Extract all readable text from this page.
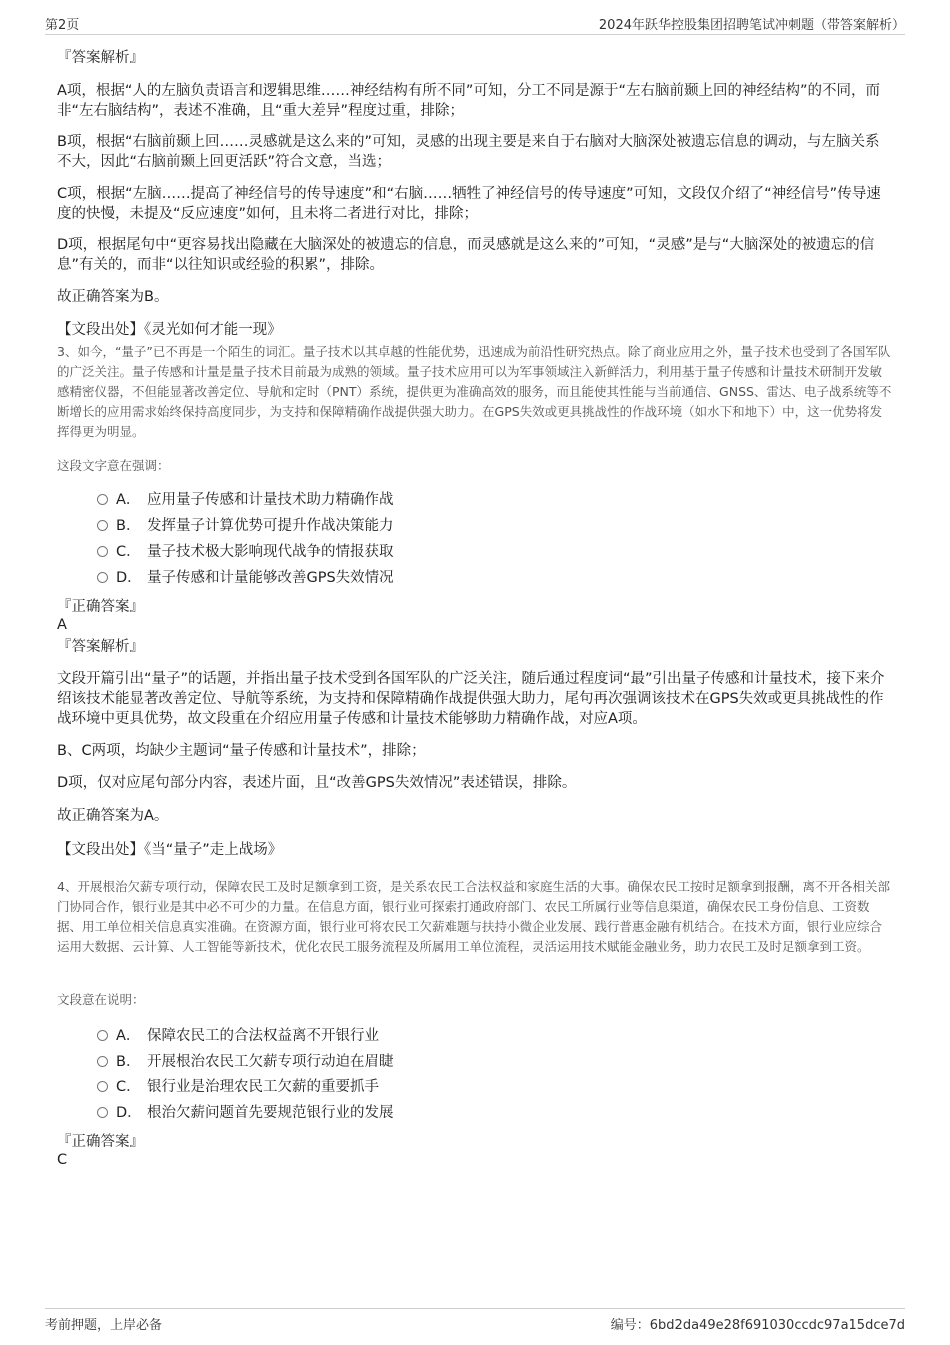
第2页	2024年跃华控股集团招聘笔试冲刺题（带答案解析）
『答案解析』
A项，根据“人的左脑负责语言和逻辑思维……神经结构有所不同”可知，分工不同是源于“左右脑前颞上回的神经结构”的不同，而非“左右脑结构”，表述不准确，且“重大差异”程度过重，排除；
B项，根据“右脑前颞上回……灵感就是这么来的”可知，灵感的出现主要是来自于右脑对大脑深处被遗忘信息的调动，与左脑关系不大，因此“右脑前颞上回更活跃”符合文意，当选；
C项，根据“左脑……提高了神经信号的传导速度”和“右脑……牺牲了神经信号的传导速度”可知，文段仅介绍了“神经信号”传导速度的快慢，未提及“反应速度”如何，且未将二者进行对比，排除；
D项，根据尾句中“更容易找出隐藏在大脑深处的被遗忘的信息，而灵感就是这么来的”可知，“灵感”是与“大脑深处的被遗忘的信息”有关的，而非“以往知识或经验的积累”，排除。
故正确答案为B。
【文段出处】《灵光如何才能一现》
3、如今，“量子”已不再是一个陌生的词汇。量子技术以其卓越的性能优势，迅速成为前沿性研究热点。除了商业应用之外，量子技术也受到了各国军队的广泛关注。量子传感和计量是量子技术目前最为成熟的领域。量子技术应用可以为军事领域注入新鲜活力，利用基于量子传感和计量技术研制开发敏感精密仪器，不但能显著改善定位、导航和定时（PNT）系统，提供更为准确高效的服务，而且能使其性能与当前通信、GNSS、雷达、电子战系统等不断增长的应用需求始终保持高度同步，为支持和保障精确作战提供强大助力。在GPS失效或更具挑战性的作战环境（如水下和地下）中，这一优势将发挥得更为明显。
这段文字意在强调：
A． 应用量子传感和计量技术助力精确作战
B． 发挥量子计算优势可提升作战决策能力
C． 量子技术极大影响现代战争的情报获取
D． 量子传感和计量能够改善GPS失效情况
『正确答案』
A
『答案解析』
文段开篇引出“量子”的话题，并指出量子技术受到各国军队的广泛关注，随后通过程度词“最”引出量子传感和计量技术，接下来介绍该技术能显著改善定位、导航等系统，为支持和保障精确作战提供强大助力，尾句再次强调该技术在GPS失效或更具挑战性的作战环境中更具优势，故文段重在介绍应用量子传感和计量技术能够助力精确作战，对应A项。
B、C两项，均缺少主题词“量子传感和计量技术”，排除；
D项，仅对应尾句部分内容，表述片面，且“改善GPS失效情况”表述错误，排除。
故正确答案为A。
【文段出处】《当“量子”走上战场》
4、开展根治欠薪专项行动，保障农民工及时足额拿到工资，是关系农民工合法权益和家庭生活的大事。确保农民工按时足额拿到报酬，离不开各相关部门协同合作，银行业是其中必不可少的力量。在信息方面，银行业可探索打通政府部门、农民工所属行业等信息渠道，确保农民工身份信息、工资数据、用工单位相关信息真实准确。在资源方面，银行业可将农民工欠薪难题与扶持小微企业发展、践行普惠金融有机结合。在技术方面，银行业应综合运用大数据、云计算、人工智能等新技术，优化农民工服务流程及所属用工单位流程，灵活运用技术赋能金融业务，助力农民工及时足额拿到工资。
文段意在说明：
A． 保障农民工的合法权益离不开银行业
B． 开展根治农民工欠薪专项行动迫在眉睫
C． 银行业是治理农民工欠薪的重要抓手
D． 根治欠薪问题首先要规范银行业的发展
『正确答案』
C
考前押题，上岸必备	编号：6bd2da49e28f691030ccdc97a15dce7d
